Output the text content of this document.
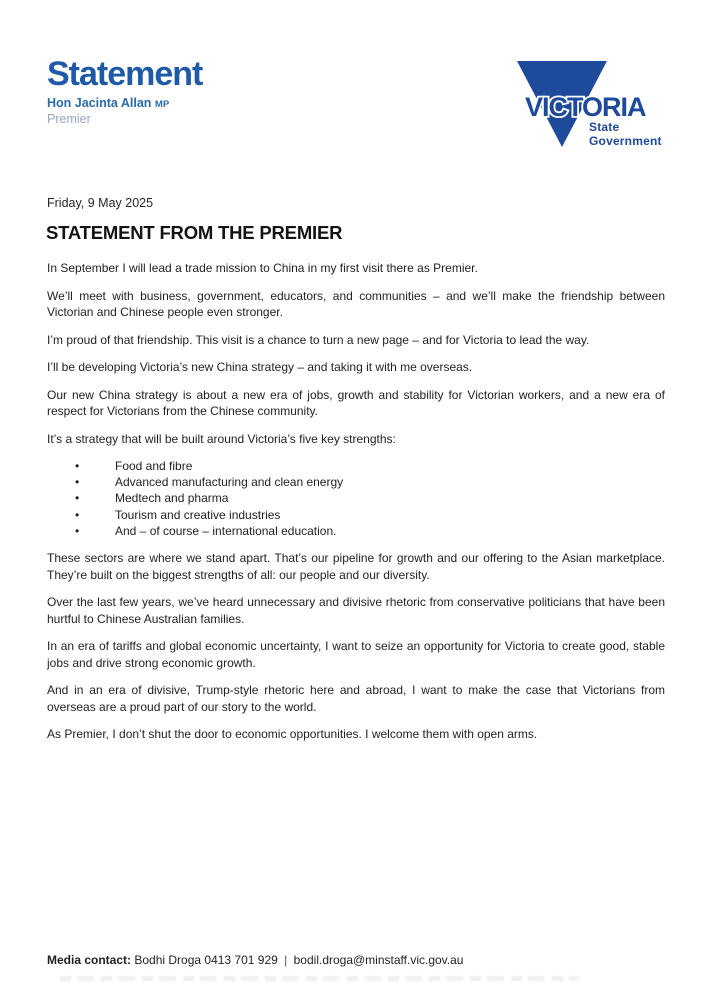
Statement
Hon Jacinta Allan MP
Premier	VICTORIA
State
Government
Friday, 9 May 2025
STATEMENT FROM THE PREMIER

In September I will lead a trade mission to China in my first visit there as Premier.

We’ll meet with business, government, educators, and communities – and we’ll make the friendship between Victorian and Chinese people even stronger.

I’m proud of that friendship. This visit is a chance to turn a new page – and for Victoria to lead the way.

I’ll be developing Victoria’s new China strategy – and taking it with me overseas.

Our new China strategy is about a new era of jobs, growth and stability for Victorian workers, and a new era of respect for Victorians from the Chinese community.

It’s a strategy that will be built around Victoria’s five key strengths:

• Food and fibre
• Advanced manufacturing and clean energy
• Medtech and pharma
• Tourism and creative industries
• And – of course – international education.

These sectors are where we stand apart. That’s our pipeline for growth and our offering to the Asian marketplace. They’re built on the biggest strengths of all: our people and our diversity.

Over the last few years, we’ve heard unnecessary and divisive rhetoric from conservative politicians that have been hurtful to Chinese Australian families.

In an era of tariffs and global economic uncertainty, I want to seize an opportunity for Victoria to create good, stable jobs and drive strong economic growth.

And in an era of divisive, Trump-style rhetoric here and abroad, I want to make the case that Victorians from overseas are a proud part of our story to the world.

As Premier, I don’t shut the door to economic opportunities. I welcome them with open arms.

Media contact: Bodhi Droga 0413 701 929 | bodil.droga@minstaff.vic.gov.au
